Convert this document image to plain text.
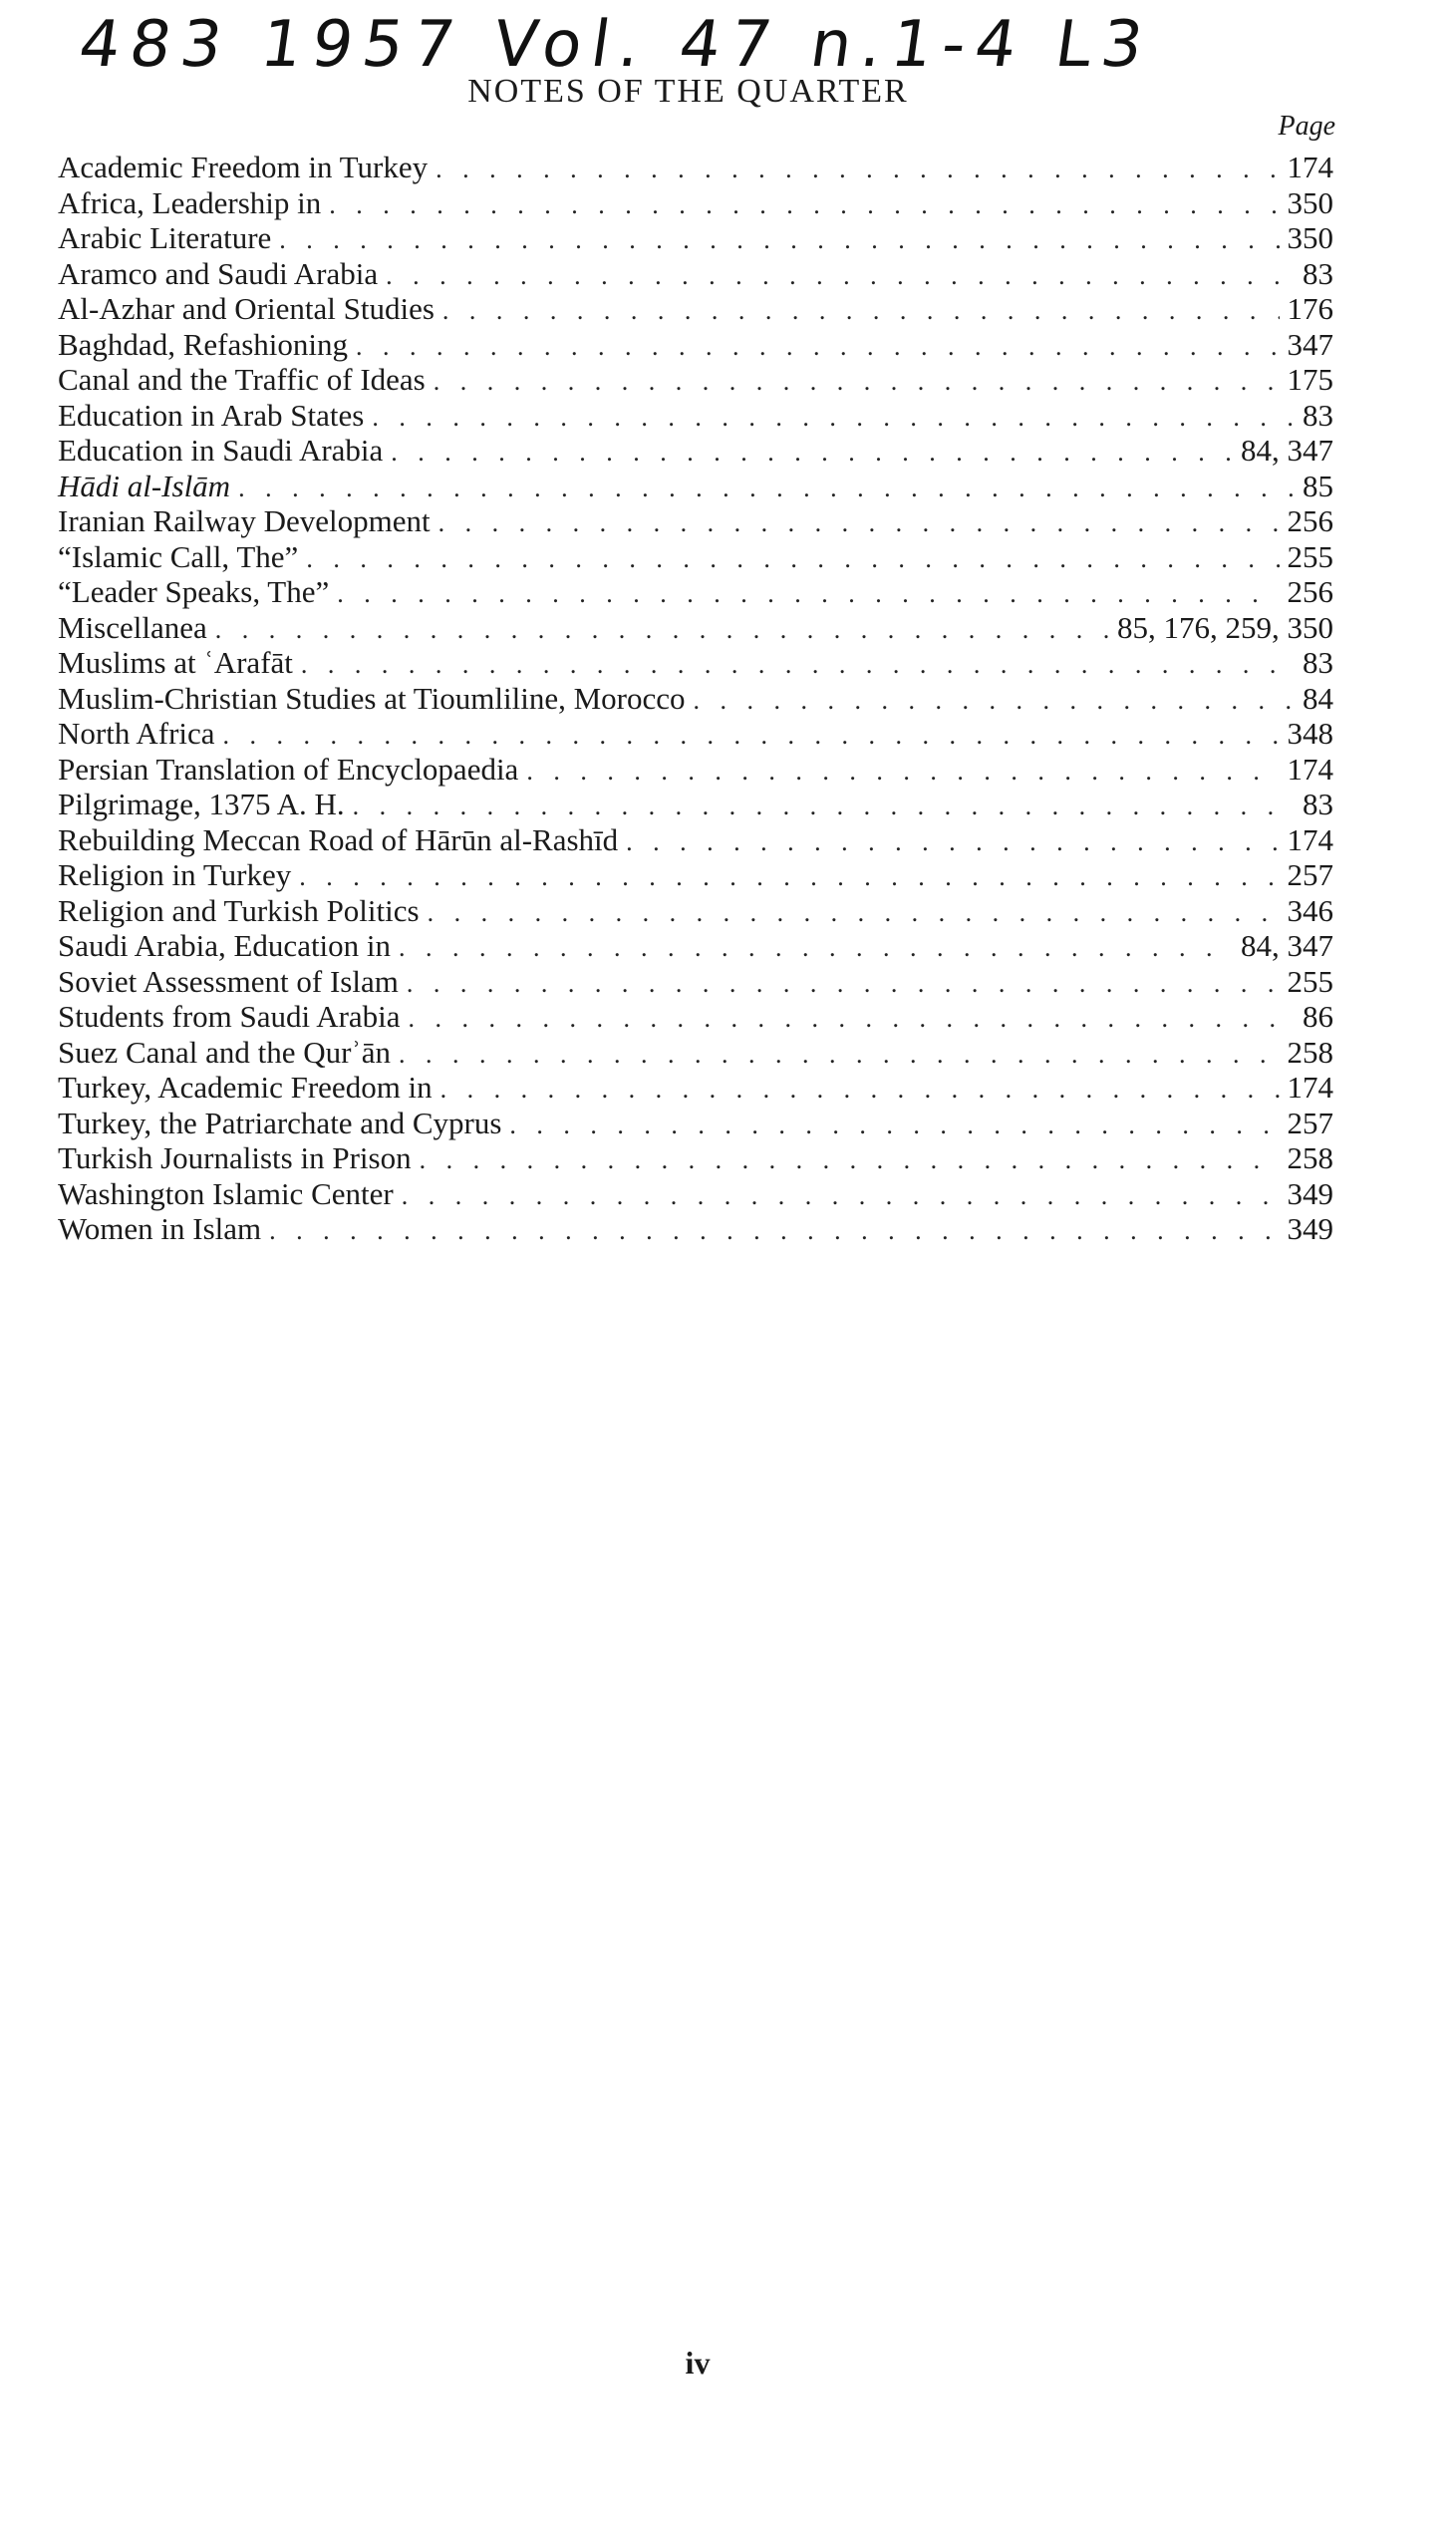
483 1957 Vol. 47 n.1-4 L3
NOTES OF THE QUARTER
Page
Academic Freedom in Turkey . . .	174
Africa, Leadership in . . .	350
Arabic Literature . . .	350
Aramco and Saudi Arabia . . .	83
Al-Azhar and Oriental Studies . . .	176
Baghdad, Refashioning . . .	347
Canal and the Traffic of Ideas . . .	175
Education in Arab States . . .	83
Education in Saudi Arabia . . .	84, 347
Hādi al-Islām . . .	85
Iranian Railway Development . . .	256
“Islamic Call, The” . . .	255
“Leader Speaks, The” . . .	256
Miscellanea . . .	85, 176, 259, 350
Muslims at ʿArafāt . . .	83
Muslim-Christian Studies at Tioumliline, Morocco . . .	84
North Africa . . .	348
Persian Translation of Encyclopaedia . . .	174
Pilgrimage, 1375 A. H. . . .	83
Rebuilding Meccan Road of Hārūn al-Rashīd . . .	174
Religion in Turkey . . .	257
Religion and Turkish Politics . . .	346
Saudi Arabia, Education in . . .	84, 347
Soviet Assessment of Islam . . .	255
Students from Saudi Arabia . . .	86
Suez Canal and the Qurʾān . . .	258
Turkey, Academic Freedom in . . .	174
Turkey, the Patriarchate and Cyprus . . .	257
Turkish Journalists in Prison . . .	258
Washington Islamic Center . . .	349
Women in Islam . . .	349
iv
